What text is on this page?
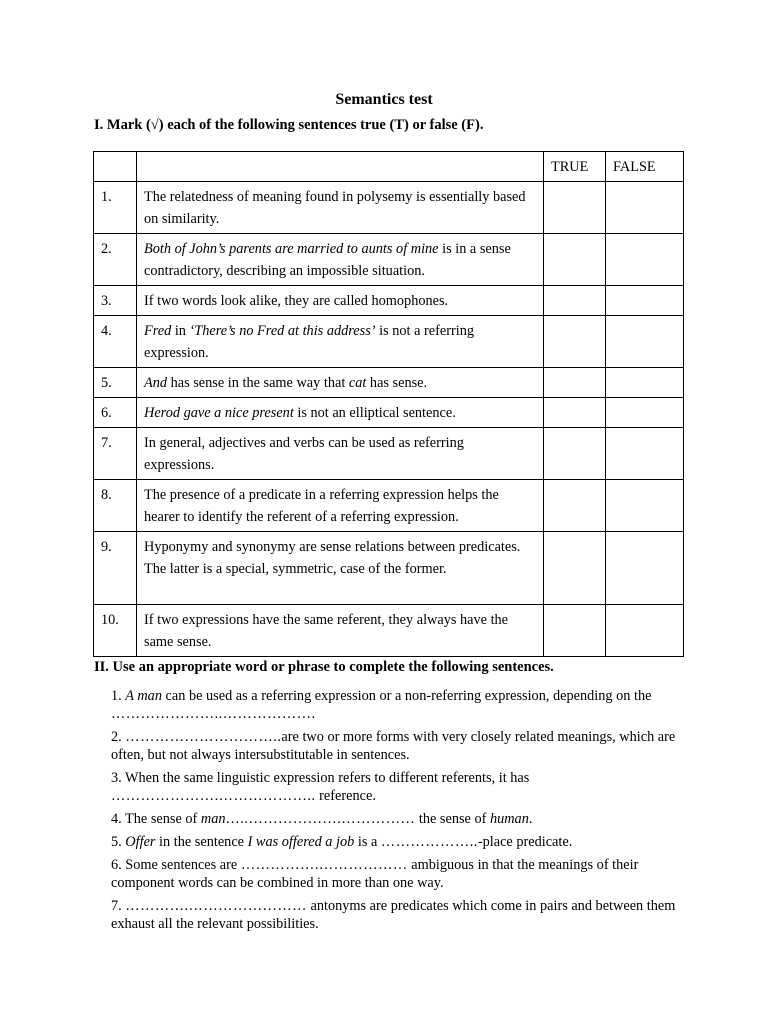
Semantics test
I. Mark (√) each of the following sentences true (T) or false (F).
		TRUE	FALSE
1.	The relatedness of meaning found in polysemy is essentially based on similarity.		
2.	Both of John’s parents are married to aunts of mine is in a sense contradictory, describing an impossible situation.		
3.	If two words look alike, they are called homophones.		
4.	Fred in ‘There’s no Fred at this address’ is not a referring expression.		
5.	And has sense in the same way that cat has sense.		
6.	Herod gave a nice present is not an elliptical sentence.		
7.	In general, adjectives and verbs can be used as referring expressions.		
8.	The presence of a predicate in a referring expression helps the hearer to identify the referent of a referring expression.		
9.	Hyponymy and synonymy are sense relations between predicates. The latter is a special, symmetric, case of the former.		
10.	If two expressions have the same referent, they always have the same sense.		
II. Use an appropriate word or phrase to complete the following sentences.
1. A man can be used as a referring expression or a non-referring expression, depending on the …………………..……………….
2. …………………………..are two or more forms with very closely related meanings, which are often, but not always intersubstitutable in sentences.
3. When the same linguistic expression refers to different referents, it has ………………….……………….. reference.
4. The sense of man…..……………….…………… the sense of human.
5. Offer in the sentence I was offered a job is a ………………..-place predicate.
6. Some sentences are …………….……………… ambiguous in that the meanings of their component words can be combined in more than one way.
7. ………….…………………… antonyms are predicates which come in pairs and between them exhaust all the relevant possibilities.
